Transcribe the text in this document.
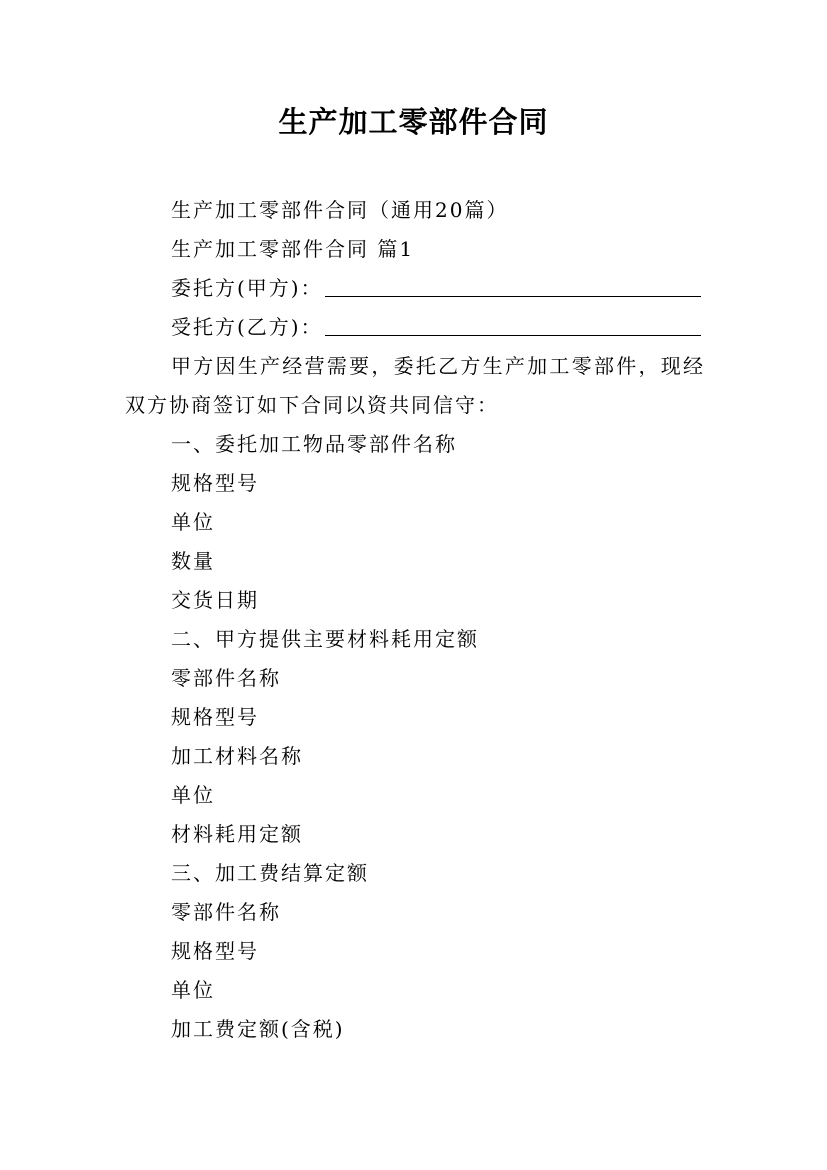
生产加工零部件合同

生产加工零部件合同（通用20篇）

生产加工零部件合同 篇1

委托方(甲方)：

受托方(乙方)：

甲方因生产经营需要，委托乙方生产加工零部件，现经双方协商签订如下合同以资共同信守：

一、委托加工物品零部件名称

规格型号

单位

数量

交货日期

二、甲方提供主要材料耗用定额

零部件名称

规格型号

加工材料名称

单位

材料耗用定额

三、加工费结算定额

零部件名称

规格型号

单位

加工费定额(含税)
